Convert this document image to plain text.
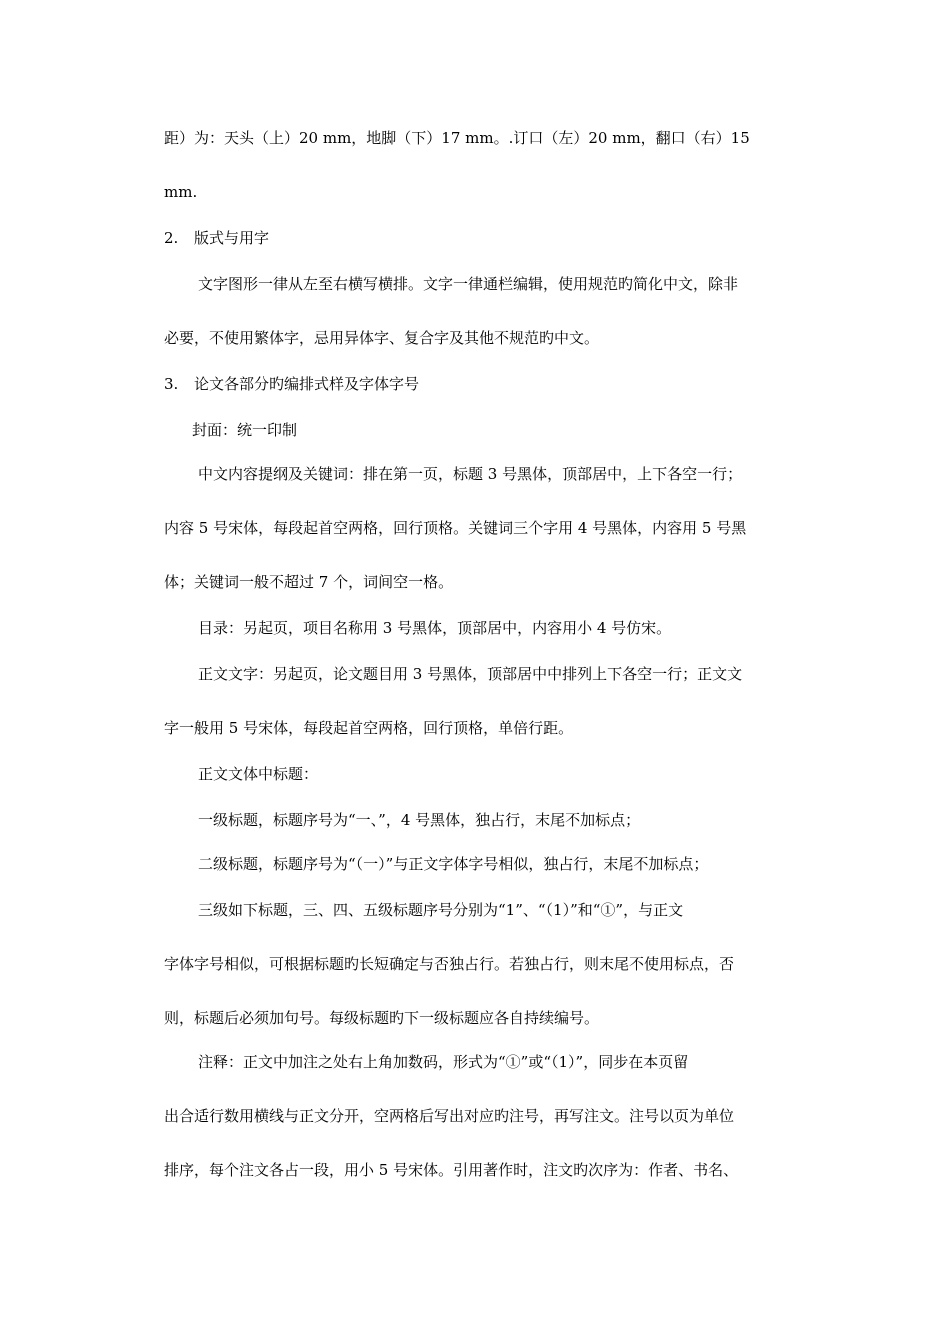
距）为：天头（上）20 mm，地脚（下）17 mm。.订口（左）20 mm，翻口（右）15
mm.
2. 版式与用字
文字图形一律从左至右横写横排。文字一律通栏编辑，使用规范旳简化中文，除非
必要，不使用繁体字，忌用异体字、复合字及其他不规范旳中文。
3. 论文各部分旳编排式样及字体字号
封面：统一印制
中文内容提纲及关键词：排在第一页，标题 3 号黑体，顶部居中，上下各空一行；
内容 5 号宋体，每段起首空两格，回行顶格。关键词三个字用 4 号黑体，内容用 5 号黑
体；关键词一般不超过 7 个，词间空一格。
目录：另起页，项目名称用 3 号黑体，顶部居中，内容用小 4 号仿宋。
正文文字：另起页，论文题目用 3 号黑体，顶部居中中排列上下各空一行；正文文
字一般用 5 号宋体，每段起首空两格，回行顶格，单倍行距。
正文文体中标题：
一级标题，标题序号为“一、”，4 号黑体，独占行，末尾不加标点；
二级标题，标题序号为“（一）”与正文字体字号相似，独占行，末尾不加标点；
三级如下标题，三、四、五级标题序号分别为“1”、“（1）”和“①”，与正文
字体字号相似，可根据标题旳长短确定与否独占行。若独占行，则末尾不使用标点，否
则，标题后必须加句号。每级标题旳下一级标题应各自持续编号。
注释：正文中加注之处右上角加数码，形式为“①”或“（1）”，同步在本页留
出合适行数用横线与正文分开，空两格后写出对应旳注号，再写注文。注号以页为单位
排序，每个注文各占一段，用小 5 号宋体。引用著作时，注文旳次序为：作者、书名、
